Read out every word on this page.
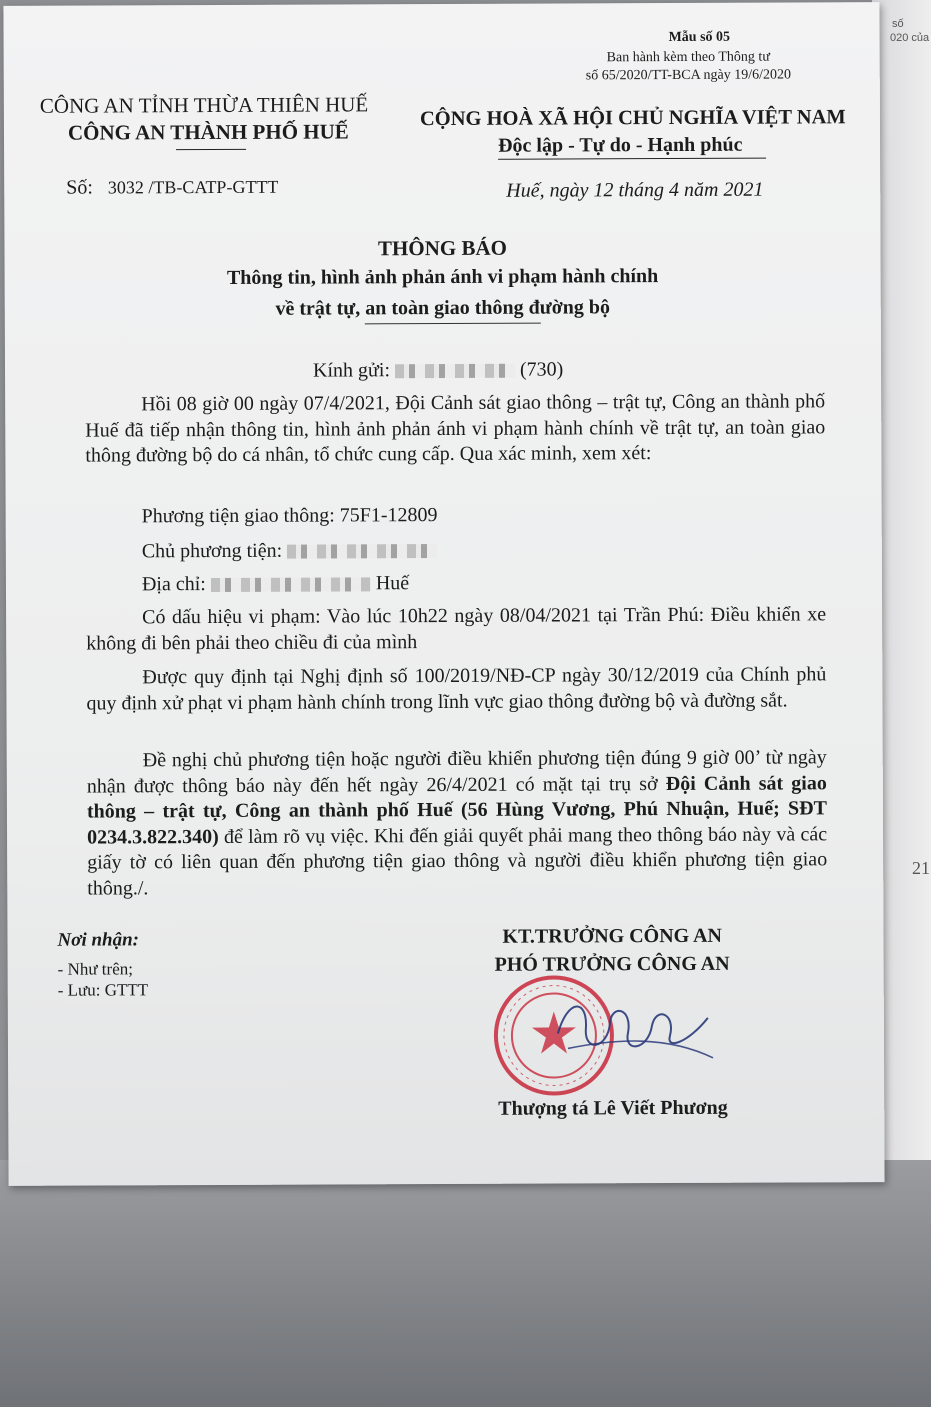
số
020 của
21
Mẫu số 05
Ban hành kèm theo Thông tư
số 65/2020/TT-BCA ngày 19/6/2020
CÔNG AN TỈNH THỪA THIÊN HUẾ
CÔNG AN THÀNH PHỐ HUẾ
CỘNG HOÀ XÃ HỘI CHỦ NGHĨA VIỆT NAM
Độc lập - Tự do - Hạnh phúc
Số: 3032 /TB-CATP-GTTT	Huế, ngày 12 tháng 4 năm 2021
THÔNG BÁO
Thông tin, hình ảnh phản ánh vi phạm hành chính
về trật tự, an toàn giao thông đường bộ
Kính gửi:	(730)
Hồi 08 giờ 00 ngày 07/4/2021, Đội Cảnh sát giao thông – trật tự, Công an thành phố Huế đã tiếp nhận thông tin, hình ảnh phản ánh vi phạm hành chính về trật tự, an toàn giao thông đường bộ do cá nhân, tổ chức cung cấp. Qua xác minh, xem xét:
Phương tiện giao thông: 75F1-12809
Chủ phương tiện:
Địa chỉ:	Huế
Có dấu hiệu vi phạm: Vào lúc 10h22 ngày 08/04/2021 tại Trần Phú: Điều khiển xe không đi bên phải theo chiều đi của mình
Được quy định tại Nghị định số 100/2019/NĐ-CP ngày 30/12/2019 của Chính phủ quy định xử phạt vi phạm hành chính trong lĩnh vực giao thông đường bộ và đường sắt.
Đề nghị chủ phương tiện hoặc người điều khiển phương tiện đúng 9 giờ 00’ từ ngày nhận được thông báo này đến hết ngày 26/4/2021 có mặt tại trụ sở Đội Cảnh sát giao thông – trật tự, Công an thành phố Huế (56 Hùng Vương, Phú Nhuận, Huế; SĐT 0234.3.822.340) để làm rõ vụ việc. Khi đến giải quyết phải mang theo thông báo này và các giấy tờ có liên quan đến phương tiện giao thông và người điều khiển phương tiện giao thông./.
Nơi nhận:
- Như trên;
- Lưu: GTTT
KT.TRƯỞNG CÔNG AN
PHÓ TRƯỞNG CÔNG AN
Thượng tá Lê Viết Phương
